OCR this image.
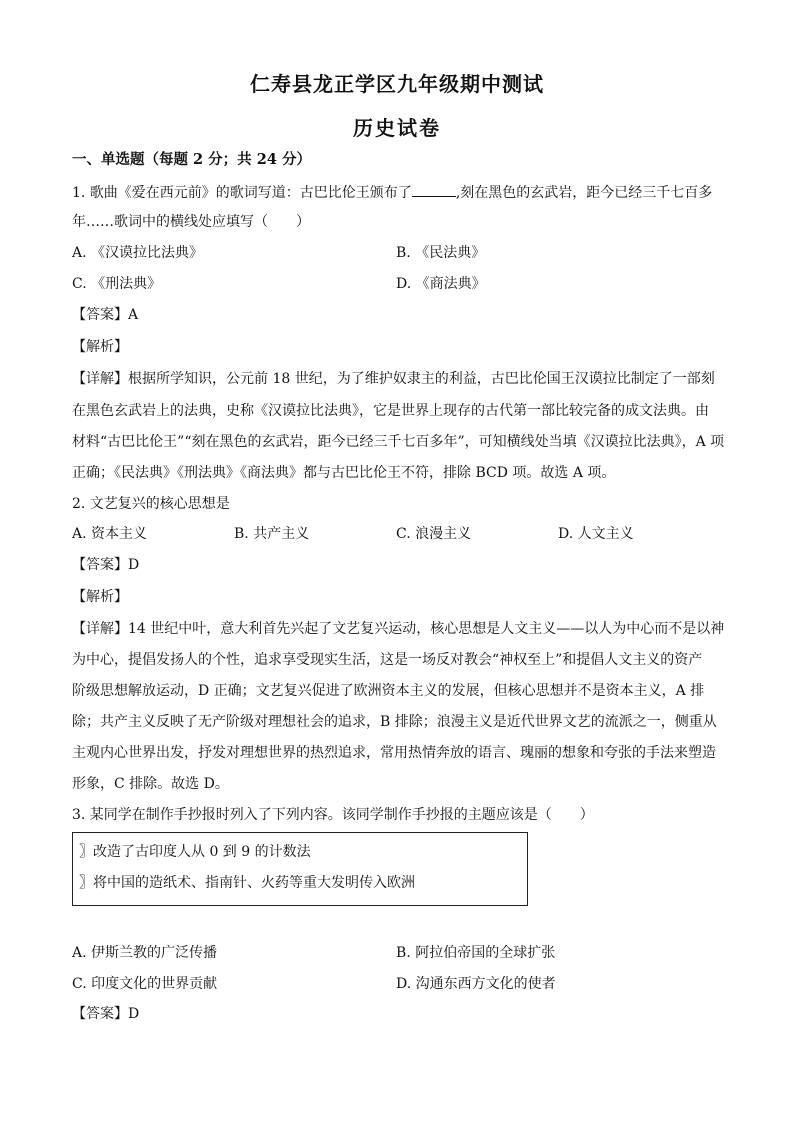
仁寿县龙正学区九年级期中测试
历史试卷
一、单选题（每题 2 分；共 24 分）
1. 歌曲《爱在西元前》的歌词写道：古巴比伦王颁布了	,刻在黑色的玄武岩，距今已经三千七百多
年……歌词中的横线处应填写（　　）
A. 《汉谟拉比法典》	B. 《民法典》
C. 《刑法典》	D. 《商法典》
【答案】A
【解析】
【详解】根据所学知识，公元前 18 世纪，为了维护奴隶主的利益，古巴比伦国王汉谟拉比制定了一部刻
在黑色玄武岩上的法典，史称《汉谟拉比法典》，它是世界上现存的古代第一部比较完备的成文法典。由
材料“古巴比伦王”“刻在黑色的玄武岩，距今已经三千七百多年”，可知横线处当填《汉谟拉比法典》，A 项
正确；《民法典》《刑法典》《商法典》都与古巴比伦王不符，排除 BCD 项。故选 A 项。
2. 文艺复兴的核心思想是
A. 资本主义	B. 共产主义	C. 浪漫主义	D. 人文主义
【答案】D
【解析】
【详解】14 世纪中叶，意大利首先兴起了文艺复兴运动，核心思想是人文主义——以人为中心而不是以神
为中心，提倡发扬人的个性，追求享受现实生活，这是一场反对教会“神权至上”和提倡人文主义的资产
阶级思想解放运动，D 正确；文艺复兴促进了欧洲资本主义的发展，但核心思想并不是资本主义，A 排
除；共产主义反映了无产阶级对理想社会的追求，B 排除；浪漫主义是近代世界文艺的流派之一，侧重从
主观内心世界出发，抒发对理想世界的热烈追求，常用热情奔放的语言、瑰丽的想象和夸张的手法来塑造
形象，C 排除。故选 D。
3. 某同学在制作手抄报时列入了下列内容。该同学制作手抄报的主题应该是（　　）
〗改造了古印度人从 0 到 9 的计数法
〗将中国的造纸术、指南针、火药等重大发明传入欧洲
A. 伊斯兰教的广泛传播	B. 阿拉伯帝国的全球扩张
C. 印度文化的世界贡献	D. 沟通东西方文化的使者
【答案】D
